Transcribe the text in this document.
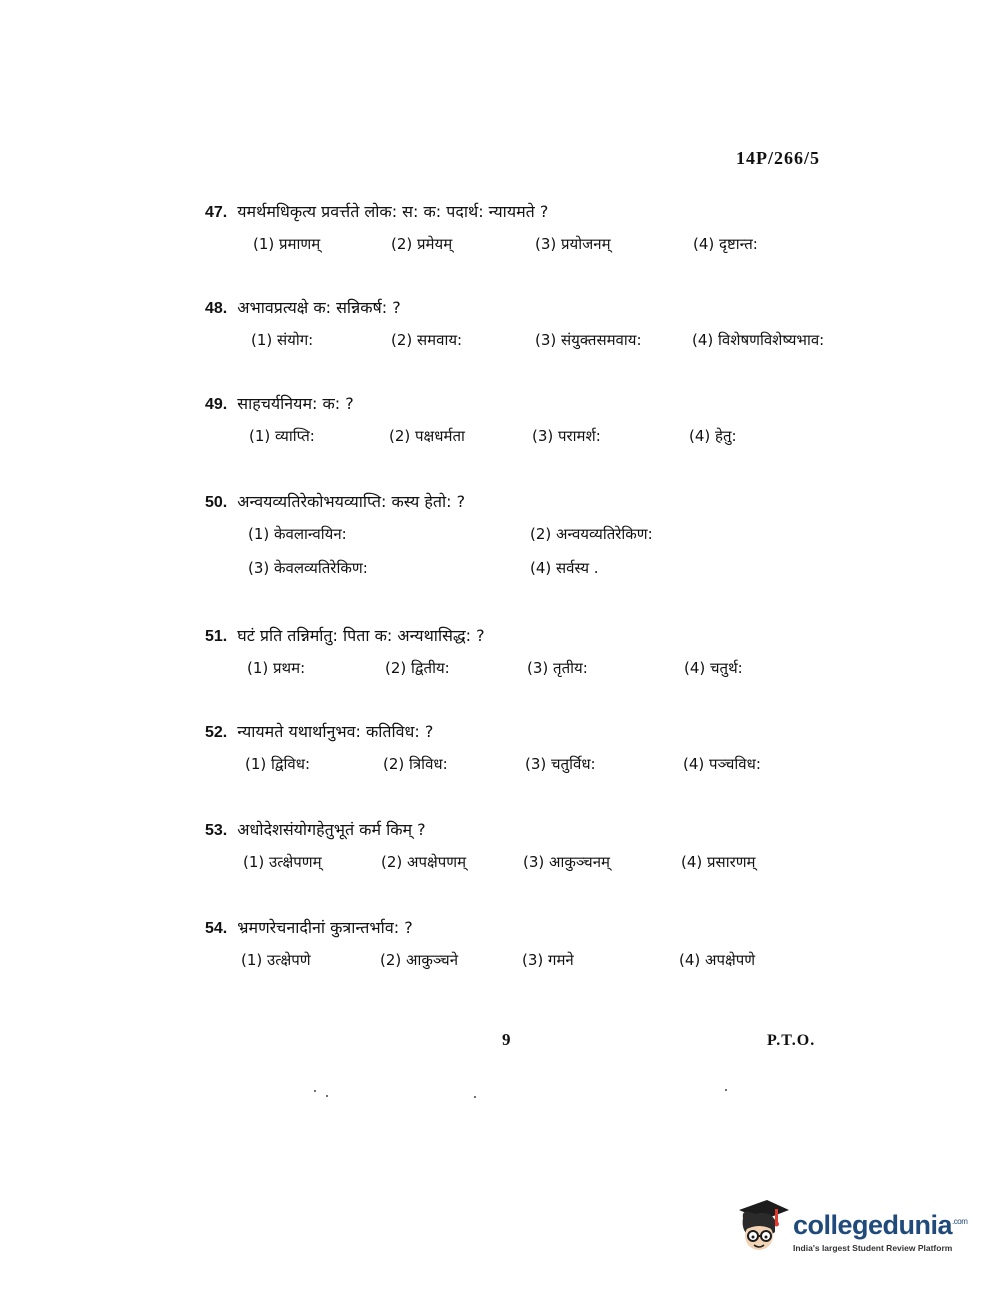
14P/266/5
47. यमर्थमधिकृत्य प्रवर्त्तते लोक: स: क: पदार्थ: न्यायमते ?
(1) प्रमाणम्	(2) प्रमेयम्	(3) प्रयोजनम्	(4) दृष्टान्त:
48. अभावप्रत्यक्षे क: सन्निकर्ष: ?
(1) संयोग:	(2) समवाय:	(3) संयुक्तसमवाय:	(4) विशेषणविशेष्यभाव:
49. साहचर्यनियम: क: ?
(1) व्याप्ति:	(2) पक्षधर्मता	(3) परामर्श:	(4) हेतु:
50. अन्वयव्यतिरेकोभयव्याप्ति: कस्य हेतो: ?
(1) केवलान्वयिन:	(2) अन्वयव्यतिरेकिण:
(3) केवलव्यतिरेकिण:	(4) सर्वस्य .
51. घटं प्रति तन्निर्मातु: पिता क: अन्यथासिद्ध: ?
(1) प्रथम:	(2) द्वितीय:	(3) तृतीय:	(4) चतुर्थ:
52. न्यायमते यथार्थानुभव: कतिविध: ?
(1) द्विविध:	(2) त्रिविध:	(3) चतुर्विध:	(4) पञ्चविध:
53. अधोदेशसंयोगहेतुभूतं कर्म किम् ?
(1) उत्क्षेपणम्	(2) अपक्षेपणम्	(3) आकुञ्चनम्	(4) प्रसारणम्
54. भ्रमणरेचनादीनां कुत्रान्तर्भाव: ?
(1) उत्क्षेपणे	(2) आकुञ्चने	(3) गमने	(4) अपक्षेपणे
9	P.T.O.
collegedunia$^{.com}$
India's largest Student Review Platform
